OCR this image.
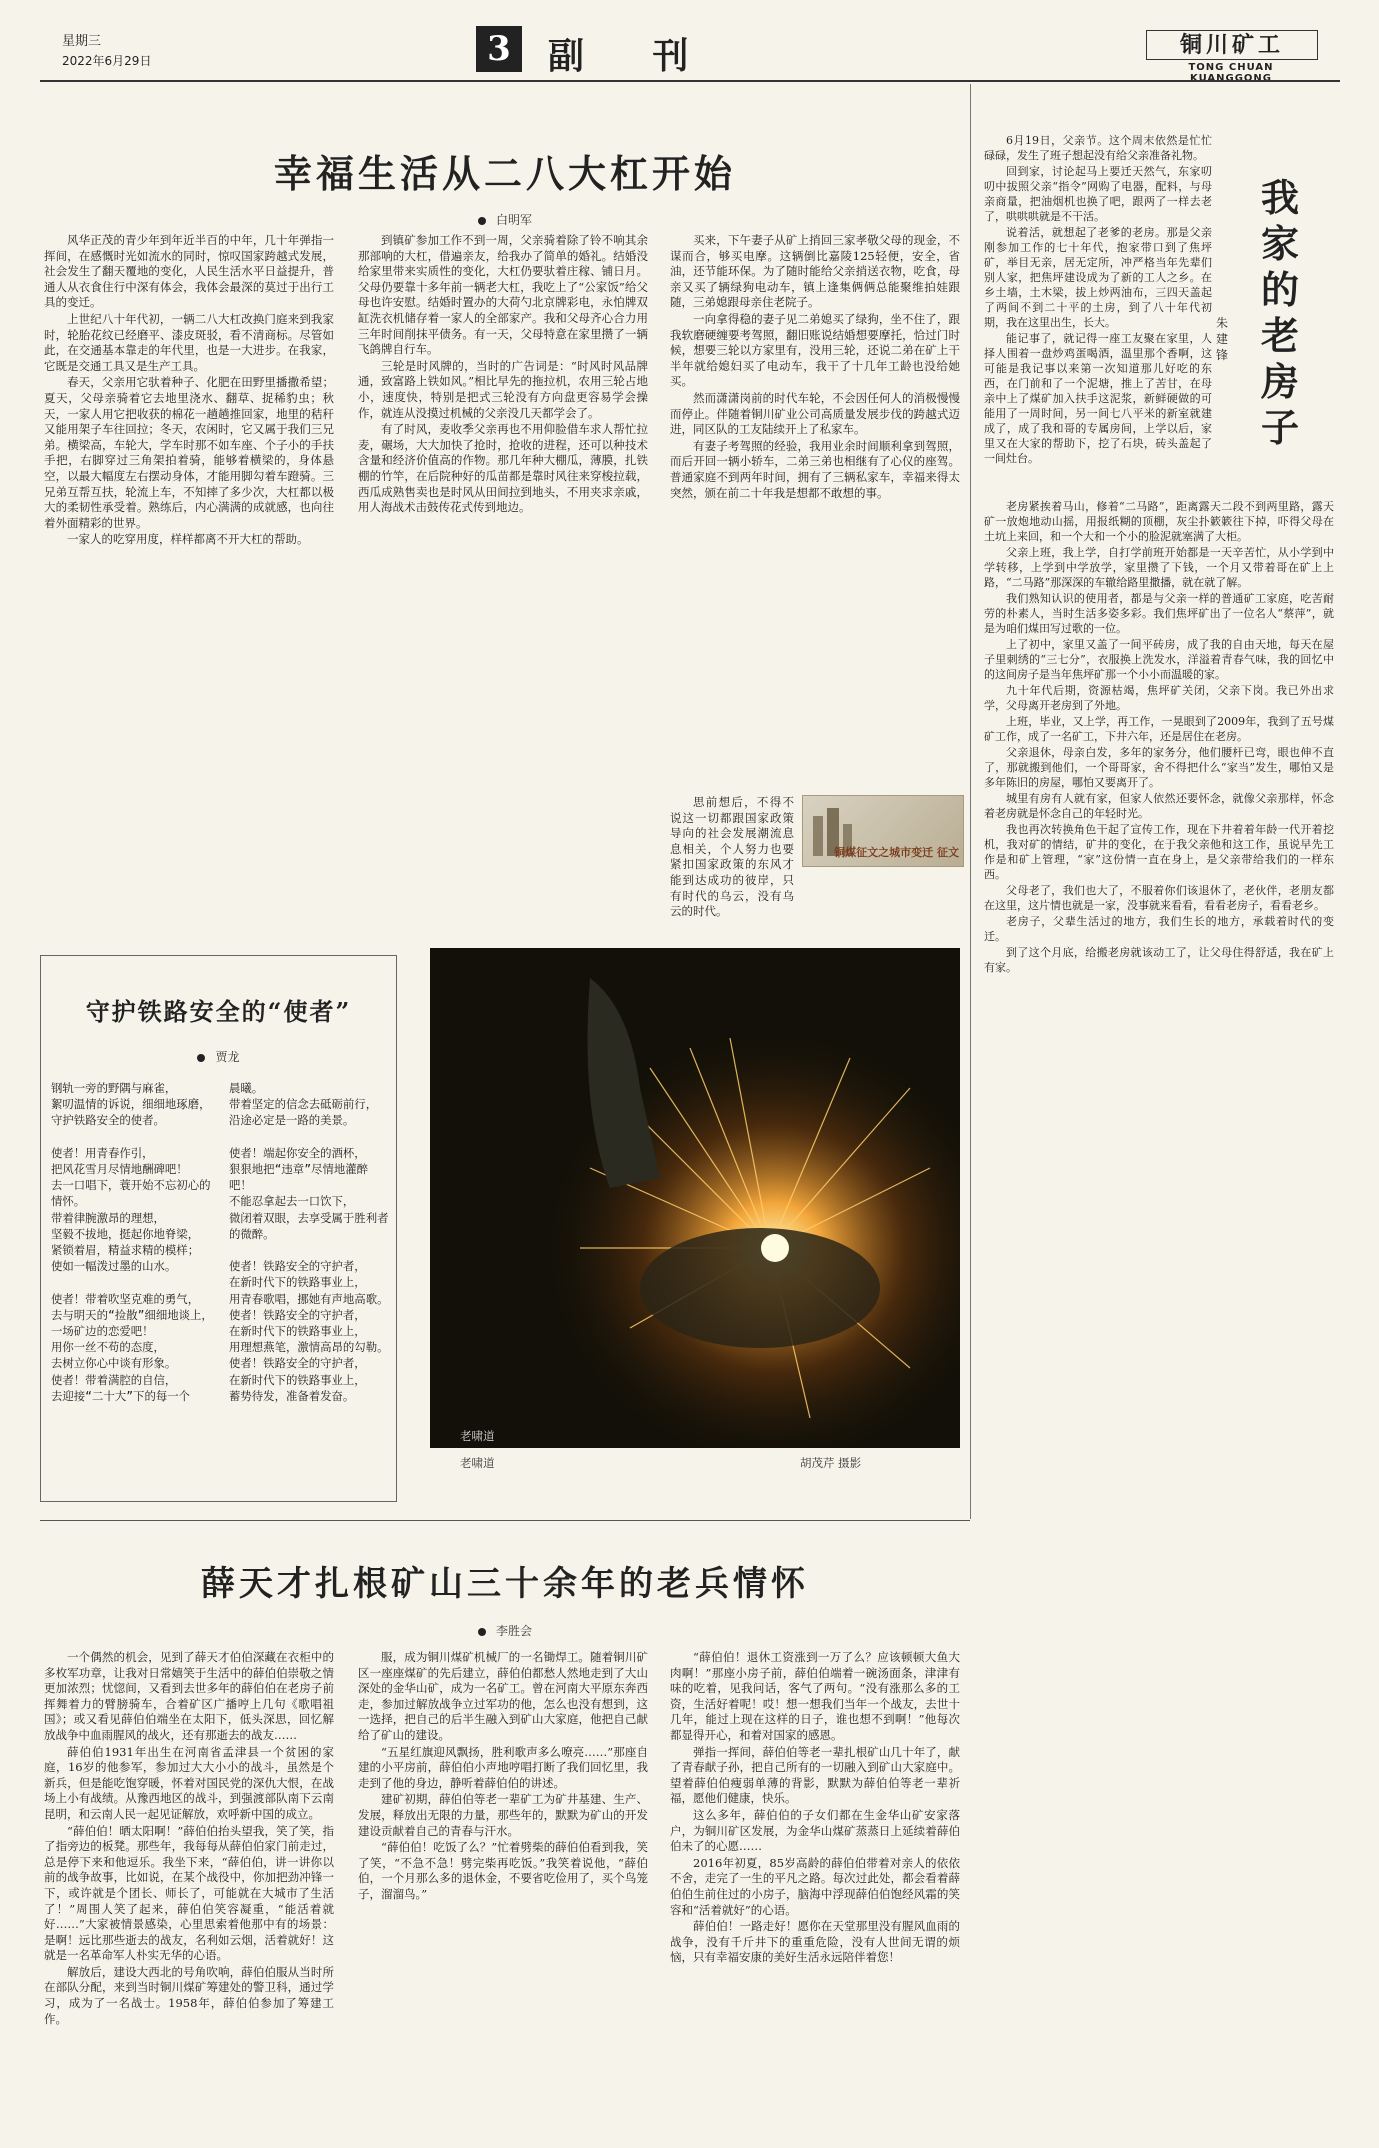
星期三
2022年6月29日	3	副 刊	铜川矿工
TONG CHUAN KUANGGONG
幸福生活从二八大杠开始
白明军

风华正茂的青少年到年近半百的中年，几十年弹指一挥间，在感慨时光如流水的同时，惊叹国家跨越式发展，社会发生了翻天覆地的变化，人民生活水平日益提升，普通人从衣食住行中深有体会，我体会最深的莫过于出行工具的变迁。

上世纪八十年代初，一辆二八大杠改换门庭来到我家时，轮胎花纹已经磨平、漆皮斑驳，看不清商标。尽管如此，在交通基本靠走的年代里，也是一大进步。在我家，它既是交通工具又是生产工具。

春天，父亲用它驮着种子、化肥在田野里播撒希望；夏天，父母亲骑着它去地里浇水、翻草、捉稀豹虫；秋天，一家人用它把收获的棉花一趟趟推回家，地里的秸秆又能用架子车往回拉；冬天，农闲时，它又属于我们三兄弟。横梁高，车轮大，学车时那不如车座、个子小的手扶手把，右脚穿过三角架拍着骑，能够着横梁的，身体悬空，以最大幅度左右摆动身体，才能用脚勾着车蹬骑。三兄弟互帮互扶，轮流上车，不知摔了多少次，大杠都以极大的柔韧性承受着。熟练后，内心满满的成就感，也向往着外面精彩的世界。

一家人的吃穿用度，样样都离不开大杠的帮助。

到镇矿参加工作不到一周，父亲骑着除了铃不响其余那部响的大杠，借遍亲友，给我办了简单的婚礼。结婚没给家里带来实质性的变化，大杠仍要驮着庄稼、铺日月。父母仍要靠十多年前一辆老大杠，我吃上了“公家饭”给父母也许安慰。结婚时置办的大荷勺北京牌彩电，永怕牌双缸洗衣机储存着一家人的全部家产。我和父母齐心合力用三年时间削抹平债务。有一天，父母特意在家里攒了一辆飞鸽牌自行车。

三轮是时风牌的，当时的广告词是：“时风时风品牌通，致富路上铁如风。”相比早先的拖拉机，农用三轮占地小，速度快，特别是把式三轮没有方向盘更容易学会操作，就连从没摸过机械的父亲没几天都学会了。

有了时风，麦收季父亲再也不用仰脸借车求人帮忙拉麦，碾场，大大加快了抢时，抢收的进程，还可以种技术含量和经济价值高的作物。那几年种大棚瓜，薄膜，扎铁棚的竹竿，在后院种好的瓜苗都是靠时风往来穿梭拉载，西瓜成熟售卖也是时风从田间拉到地头，不用夹求亲戚，用人海战术击鼓传花式传到地边。

买来，下午妻子从矿上捎回三家孝敬父母的现金，不谋而合，够买电摩。这辆倒比嘉陵125轻便，安全，省油，还节能环保。为了随时能给父亲捎送衣物，吃食，母亲又买了辆绿狗电动车，镇上逢集俩俩总能聚维拍娃跟随，三弟媳跟母亲住老院子。

一向拿得稳的妻子见二弟媳买了绿狗，坐不住了，跟我软磨硬缠要考驾照，翻旧账说结婚想要摩托，恰过门时候，想要三轮以方家里有，没用三轮，还说二弟在矿上干半年就给媳妇买了电动车，我干了十几年工龄也没给她买。

然而潇潇岗前的时代车轮，不会因任何人的消极慢慢而停止。伴随着铜川矿业公司高质量发展步伐的跨越式迈进，同区队的工友陆续开上了私家车。

有妻子考驾照的经验，我用业余时间顺利拿到驾照，而后开回一辆小轿车，二弟三弟也相继有了心仪的座驾。普通家庭不到两年时间，拥有了三辆私家车，幸福来得太突然，颁在前二十年我是想都不敢想的事。

思前想后，不得不说这一切都跟国家政策导向的社会发展潮流息息相关，个人努力也要紧扣国家政策的东风才能到达成功的彼岸，只有时代的乌云，没有乌云的时代。

铜煤征文之城市变迁 征文
守护铁路安全的“使者”
贾龙
钢轨一旁的野隅与麻雀，
絮叨温情的诉说，细细地琢磨，
守护铁路安全的使者。

使者！用青春作引，
把风花雪月尽情地酬碑吧！
去一口唱下，蓑开始不忘初心的情怀。
带着律腕激昂的理想，
坚毅不拔地，挺起你地脊梁，
紧锁着眉，精益求精的模样；
使如一幅泼过墨的山水。

使者！带着吹坚克难的勇气，
去与明天的“捡散”细细地谈上，
一场矿边的恋爱吧！
用你一丝不苟的态度，
去树立你心中谈有形象。
使者！带着满腔的自信，
去迎接“二十大”下的每一个
晨曦。
带着坚定的信念去砥砺前行，
沿途必定是一路的美景。

使者！端起你安全的酒杯，
狠狠地把“违章”尽情地灌醉吧！
不能忍拿起去一口饮下，
微闭着双眼，去享受属于胜利者的微醉。

使者！铁路安全的守护者，
在新时代下的铁路事业上，
用青春歌唱，挪她有声地高歌。
使者！铁路安全的守护者，
在新时代下的铁路事业上，
用理想燕笔，激情高昂的勾勒。
使者！铁路安全的守护者，
在新时代下的铁路事业上，
蓄势待发，准备着发奋。
老啸道
老啸道	胡茂芹 摄影
薛天才扎根矿山三十余年的老兵情怀
李胜会

一个偶然的机会，见到了薛天才伯伯深藏在衣柜中的多枚军功章，让我对日常嬉笑于生活中的薛伯伯崇敬之情更加浓烈；忧惚间，又看到去世多年的薛伯伯在老房子前挥舞着力的臂膀骑车，合着矿区广播哼上几句《歌唱祖国》；或又看见薛伯伯端坐在太阳下，低头深思，回忆解放战争中血雨腥风的战火，还有那逝去的战友……

薛伯伯1931年出生在河南省孟津县一个贫困的家庭，16岁的他参军，参加过大大小小的战斗，虽然是个新兵，但是能吃饱穿暖，怀着对国民党的深仇大恨，在战场上小有战绩。从豫西地区的战斗，到强渡部队南下云南昆明，和云南人民一起见证解放，欢呼新中国的成立。

“薛伯伯！晒太阳啊！”薛伯伯抬头望我，笑了笑，指了指旁边的板凳。那些年，我每每从薛伯伯家门前走过，总是停下来和他逗乐。我坐下来，“薛伯伯，讲一讲你以前的战争故事，比如说，在某个战役中，你加把劲冲锋一下，或许就是个团长、师长了，可能就在大城市了生活了！”周围人笑了起来，薛伯伯笑容凝重，“能活着就好……”大家被情景感染，心里思索着他那中有的场景：是啊！远比那些逝去的战友，名利如云烟，活着就好！这就是一名革命军人朴实无华的心语。

解放后，建设大西北的号角吹响，薛伯伯服从当时所在部队分配，来到当时铜川煤矿筹建处的警卫科，通过学习，成为了一名战士。1958年，薛伯伯参加了筹建工作。

服，成为铜川煤矿机械厂的一名锄焊工。随着铜川矿区一座座煤矿的先后建立，薛伯伯都愁人然地走到了大山深处的金华山矿，成为一名矿工。曾在河南大平原东奔西走，参加过解放战争立过军功的他，怎么也没有想到，这一选择，把自己的后半生融入到矿山大家庭，他把自己献给了矿山的建设。

“五星红旗迎风飘扬，胜利歌声多么嘹亮……”那座自建的小平房前，薛伯伯小声地哼唱打断了我们回忆里，我走到了他的身边，静听着薛伯伯的讲述。

建矿初期，薛伯伯等老一辈矿工为矿井基建、生产、发展，释放出无限的力量，那些年的，默默为矿山的开发建设贡献着自己的青春与汗水。

“薛伯伯！吃饭了么？”忙着劈柴的薛伯伯看到我，笑了笑，“不急不急！劈完柴再吃饭。”我笑着说他，“薛伯伯，一个月那么多的退休金，不要省吃俭用了，买个鸟笼子，溜溜鸟。”

“薛伯伯！退休工资涨到一万了么？应该顿顿大鱼大肉啊！”那座小房子前，薛伯伯端着一碗汤面条，津津有味的吃着，见我问话，客气了两句。“没有涨那么多的工资，生活好着呢！哎！想一想我们当年一个战友，去世十几年，能过上现在这样的日子，谁也想不到啊！”他每次都显得开心，和着对国家的感恩。

弹指一挥间，薛伯伯等老一辈扎根矿山几十年了，献了青春献子孙，把自己所有的一切融入到矿山大家庭中。望着薛伯伯瘦弱单薄的背影，默默为薛伯伯等老一辈祈福，愿他们健康，快乐。

这么多年，薛伯伯的子女们都在生金华山矿安家落户，为铜川矿区发展，为金华山煤矿蒸蒸日上延续着薛伯伯未了的心愿……

2016年初夏，85岁高龄的薛伯伯带着对亲人的依依不舍，走完了一生的平凡之路。每次过此处，都会看着薛伯伯生前住过的小房子，脑海中浮现薛伯伯饱经风霜的笑容和“活着就好”的心语。

薛伯伯！一路走好！愿你在天堂那里没有腥风血雨的战争，没有千斤井下的重重危险，没有人世间无谓的烦恼，只有幸福安康的美好生活永远陪伴着您！

我家的老房子
朱建锋

6月19日，父亲节。这个周末依然是忙忙碌碌，发生了班子想起没有给父亲准备礼物。

回到家，讨论起马上要迁天然气，东家叨叨中拔照父亲“指令”网购了电器，配料，与母亲商量，把油烟机也换了吧，跟两了一样去老了，哄哄哄就是不干活。

说着活，就想起了老爹的老房。那是父亲刚参加工作的七十年代，抱家带口到了焦坪矿，举目无亲，居无定所，冲严格当年先辈们别人家，把焦坪建设成为了新的工人之乡。在乡土墙，土木梁，拔上炒两油布，三四天盖起了两间不到二十平的土房，到了八十年代初期，我在这里出生，长大。

能记事了，就记得一座工友聚在家里，人择人围着一盘炒鸡蛋喝酒，温里那个香啊，这可能是我记事以来第一次知道那儿好吃的东西，在门前和了一个泥塘，推上了苦甘，在母亲中上了煤矿加入扶手这泥浆，新鲜硬做的可能用了一周时间，另一间七八平米的新室就建成了，成了我和哥的专属房间，上学以后，家里又在大家的帮助下，挖了石块，砖头盖起了一间灶台。

老房紧挨着马山，修着“二马路”，距离露天二段不到两里路，露天矿一放炮地动山摇，用报纸糊的顶棚，灰尘扑簌簌往下掉，吓得父母在土坑上来回，和一个大和一个小的脸泥就塞满了大柜。

父亲上班，我上学，自打学前班开始都是一天辛苦忙，从小学到中学转移，上学到中学放学，家里攒了下钱，一个月又带着哥在矿上上路，“二马路”那深深的车辙给路里撒播，就在就了解。

我们熟知认识的使用者，都是与父亲一样的普通矿工家庭，吃苦耐劳的朴素人，当时生活多姿多彩。我们焦坪矿出了一位名人“蔡萍”，就是为咱们煤田写过歌的一位。

上了初中，家里又盖了一间平砖房，成了我的自由天地，每天在屋子里刺绣的“三七分”，衣服换上洗发水，洋溢着青春气味，我的回忆中的这间房子是当年焦坪矿那一个小小而温暖的家。

九十年代后期，资源枯竭，焦坪矿关闭，父亲下岗。我已外出求学，父母离开老房到了外地。

上班，毕业，又上学，再工作，一晃眼到了2009年，我到了五号煤矿工作，成了一名矿工，下井六年，还是居住在老房。

父亲退休，母亲白发，多年的家务分，他们腰杆已弯，眼也伸不直了，那就搬到他们，一个哥哥家，舍不得把什么“家当”发生，哪怕又是多年陈旧的房屋，哪怕又要离开了。

城里有房有人就有家，但家人依然还要怀念，就像父亲那样，怀念着老房就是怀念自己的年轻时光。

我也再次转换角色干起了宣传工作，现在下井着着年龄一代开着挖机，我对矿的情结，矿井的变化，在于我父亲他和这工作，虽说早先工作是和矿上管理，“家”这份情一直在身上，是父亲带给我们的一样东西。

父母老了，我们也大了，不服着你们该退休了，老伙伴，老朋友都在这里，这片情也就是一家，没事就来看看，看看老房子，看看老乡。

老房子，父辈生活过的地方，我们生长的地方，承载着时代的变迁。

到了这个月底，给搬老房就该动工了，让父母住得舒适，我在矿上有家。
